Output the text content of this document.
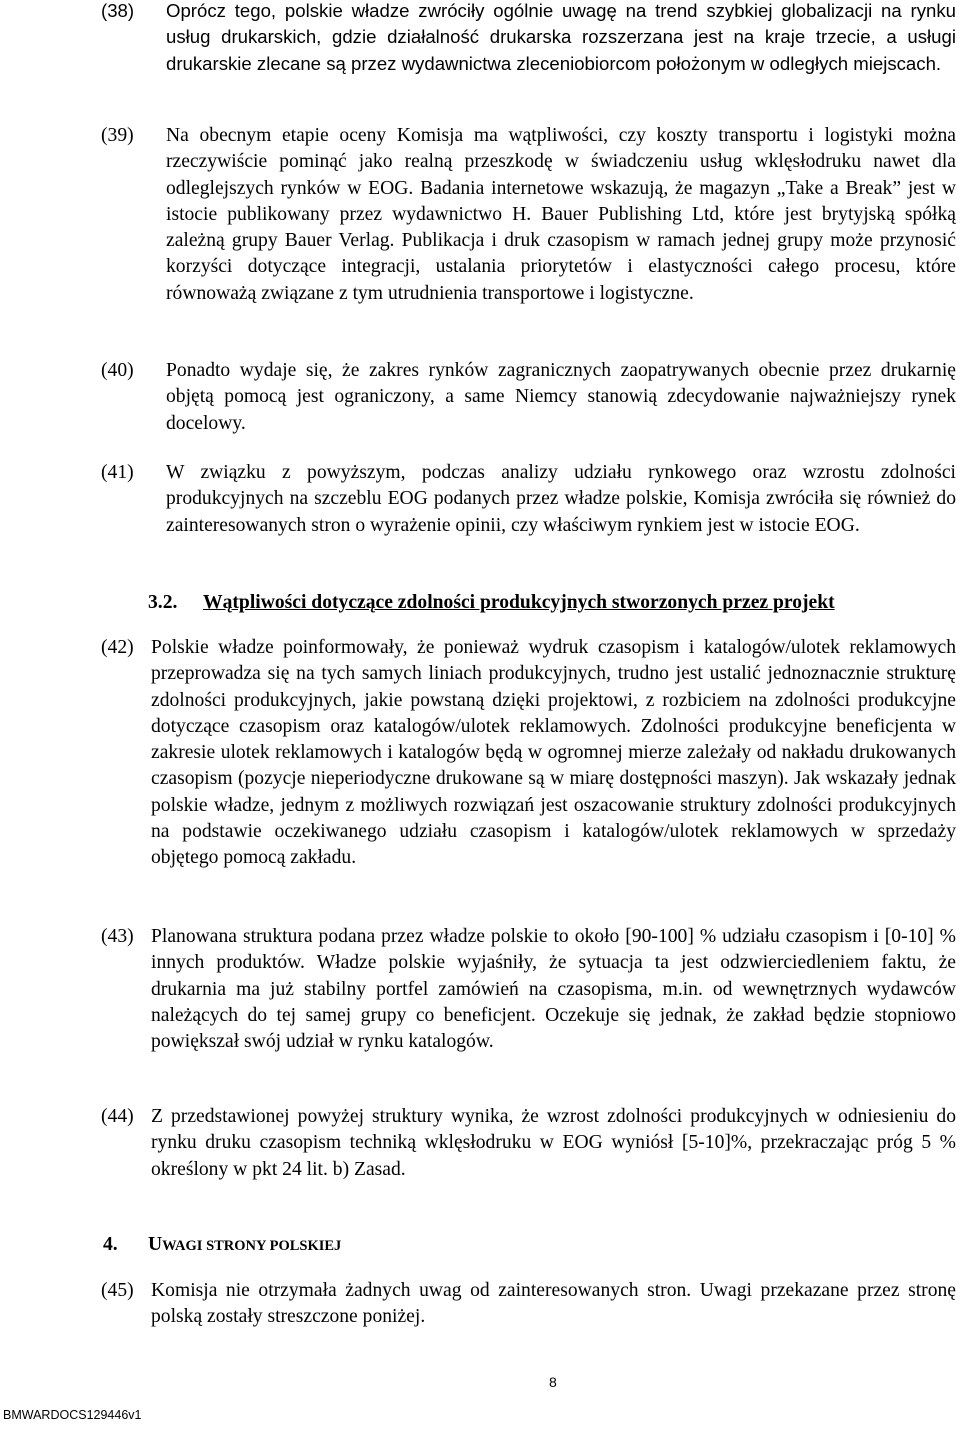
(38) Oprócz tego, polskie władze zwróciły ogólnie uwagę na trend szybkiej globalizacji na rynku usług drukarskich, gdzie działalność drukarska rozszerzana jest na kraje trzecie, a usługi drukarskie zlecane są przez wydawnictwa zleceniobiorcom położonym w odległych miejscach.
(39) Na obecnym etapie oceny Komisja ma wątpliwości, czy koszty transportu i logistyki można rzeczywiście pominąć jako realną przeszkodę w świadczeniu usług wklęsłodruku nawet dla odleglejszych rynków w EOG. Badania internetowe wskazują, że magazyn „Take a Break” jest w istocie publikowany przez wydawnictwo H. Bauer Publishing Ltd, które jest brytyjską spółką zależną grupy Bauer Verlag. Publikacja i druk czasopism w ramach jednej grupy może przynosić korzyści dotyczące integracji, ustalania priorytetów i elastyczności całego procesu, które równoważą związane z tym utrudnienia transportowe i logistyczne.
(40) Ponadto wydaje się, że zakres rynków zagranicznych zaopatrywanych obecnie przez drukarnię objętą pomocą jest ograniczony, a same Niemcy stanowią zdecydowanie najważniejszy rynek docelowy.
(41) W związku z powyższym, podczas analizy udziału rynkowego oraz wzrostu zdolności produkcyjnych na szczeblu EOG podanych przez władze polskie, Komisja zwróciła się również do zainteresowanych stron o wyrażenie opinii, czy właściwym rynkiem jest w istocie EOG.
3.2. Wątpliwości dotyczące zdolności produkcyjnych stworzonych przez projekt
(42) Polskie władze poinformowały, że ponieważ wydruk czasopism i katalogów/ulotek reklamowych przeprowadza się na tych samych liniach produkcyjnych, trudno jest ustalić jednoznacznie strukturę zdolności produkcyjnych, jakie powstaną dzięki projektowi, z rozbiciem na zdolności produkcyjne dotyczące czasopism oraz katalogów/ulotek reklamowych. Zdolności produkcyjne beneficjenta w zakresie ulotek reklamowych i katalogów będą w ogromnej mierze zależały od nakładu drukowanych czasopism (pozycje nieperiodyczne drukowane są w miarę dostępności maszyn). Jak wskazały jednak polskie władze, jednym z możliwych rozwiązań jest oszacowanie struktury zdolności produkcyjnych na podstawie oczekiwanego udziału czasopism i katalogów/ulotek reklamowych w sprzedaży objętego pomocą zakładu.
(43) Planowana struktura podana przez władze polskie to około [90-100] % udziału czasopism i [0-10] % innych produktów. Władze polskie wyjaśniły, że sytuacja ta jest odzwierciedleniem faktu, że drukarnia ma już stabilny portfel zamówień na czasopisma, m.in. od wewnętrznych wydawców należących do tej samej grupy co beneficjent. Oczekuje się jednak, że zakład będzie stopniowo powiększał swój udział w rynku katalogów.
(44) Z przedstawionej powyżej struktury wynika, że wzrost zdolności produkcyjnych w odniesieniu do rynku druku czasopism techniką wklęsłodruku w EOG wyniósł [5-10]%, przekraczając próg 5 % określony w pkt 24 lit. b) Zasad.
4. UWAGI STRONY POLSKIEJ
(45) Komisja nie otrzymała żadnych uwag od zainteresowanych stron. Uwagi przekazane przez stronę polską zostały streszczone poniżej.
8
BMWARDOCS129446v1
